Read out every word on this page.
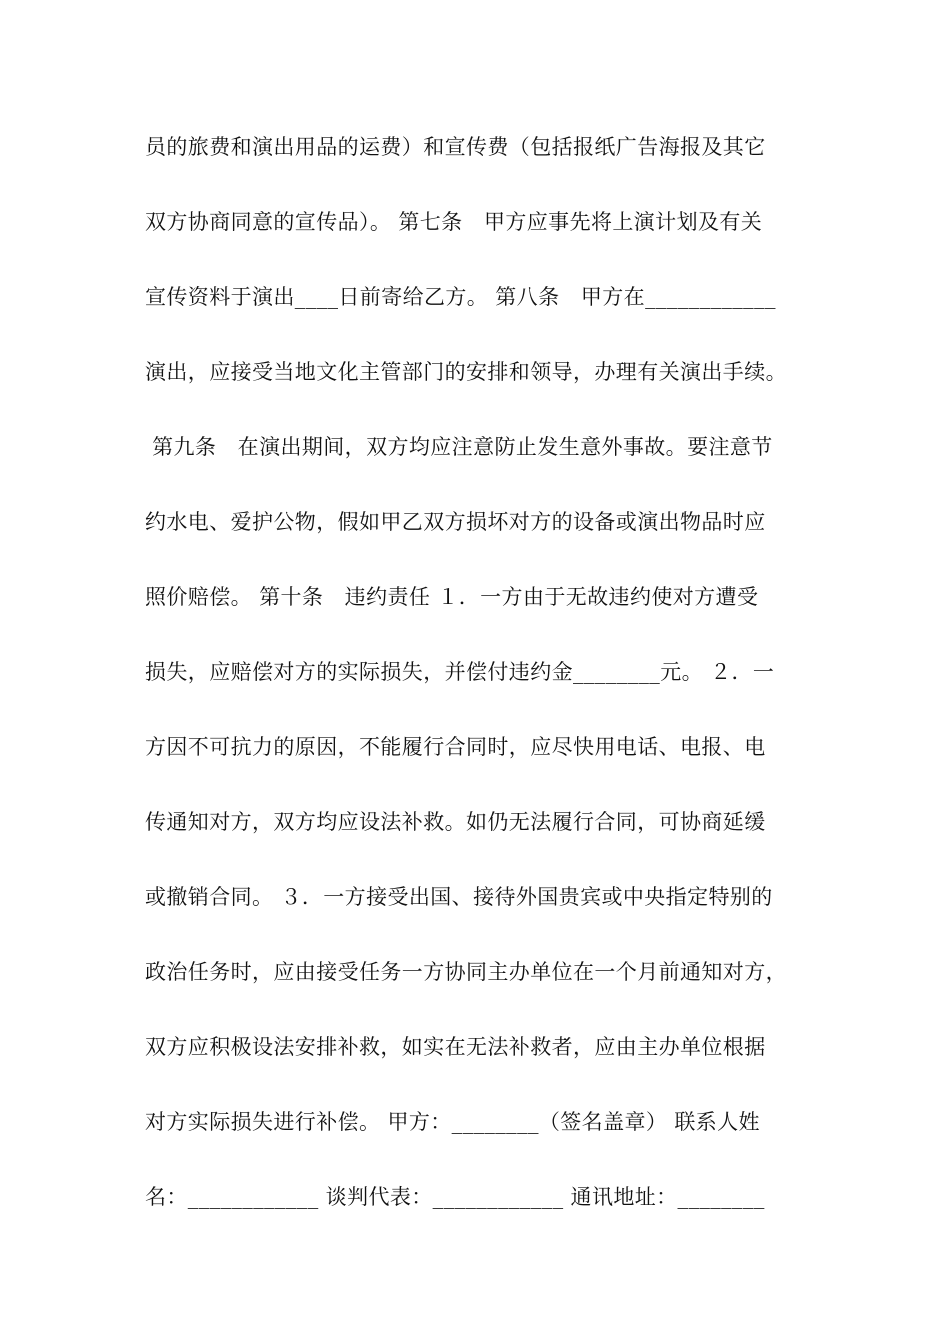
员的旅费和演出用品的运费）和宣传费（包括报纸广告海报及其它
双方协商同意的宣传品）。 第七条　甲方应事先将上演计划及有关
宣传资料于演出____日前寄给乙方。 第八条　甲方在____________
演出，应接受当地文化主管部门的安排和领导，办理有关演出手续。
第九条　在演出期间，双方均应注意防止发生意外事故。要注意节
约水电、爱护公物，假如甲乙双方损坏对方的设备或演出物品时应
照价赔偿。 第十条　违约责任 １．一方由于无故违约使对方遭受
损失，应赔偿对方的实际损失，并偿付违约金________元。 ２．一
方因不可抗力的原因，不能履行合同时，应尽快用电话、电报、电
传通知对方，双方均应设法补救。如仍无法履行合同，可协商延缓
或撤销合同。 ３．一方接受出国、接待外国贵宾或中央指定特别的
政治任务时，应由接受任务一方协同主办单位在一个月前通知对方，
双方应积极设法安排补救，如实在无法补救者，应由主办单位根据
对方实际损失进行补偿。 甲方：________（签名盖章） 联系人姓
名：____________ 谈判代表：____________ 通讯地址：________
